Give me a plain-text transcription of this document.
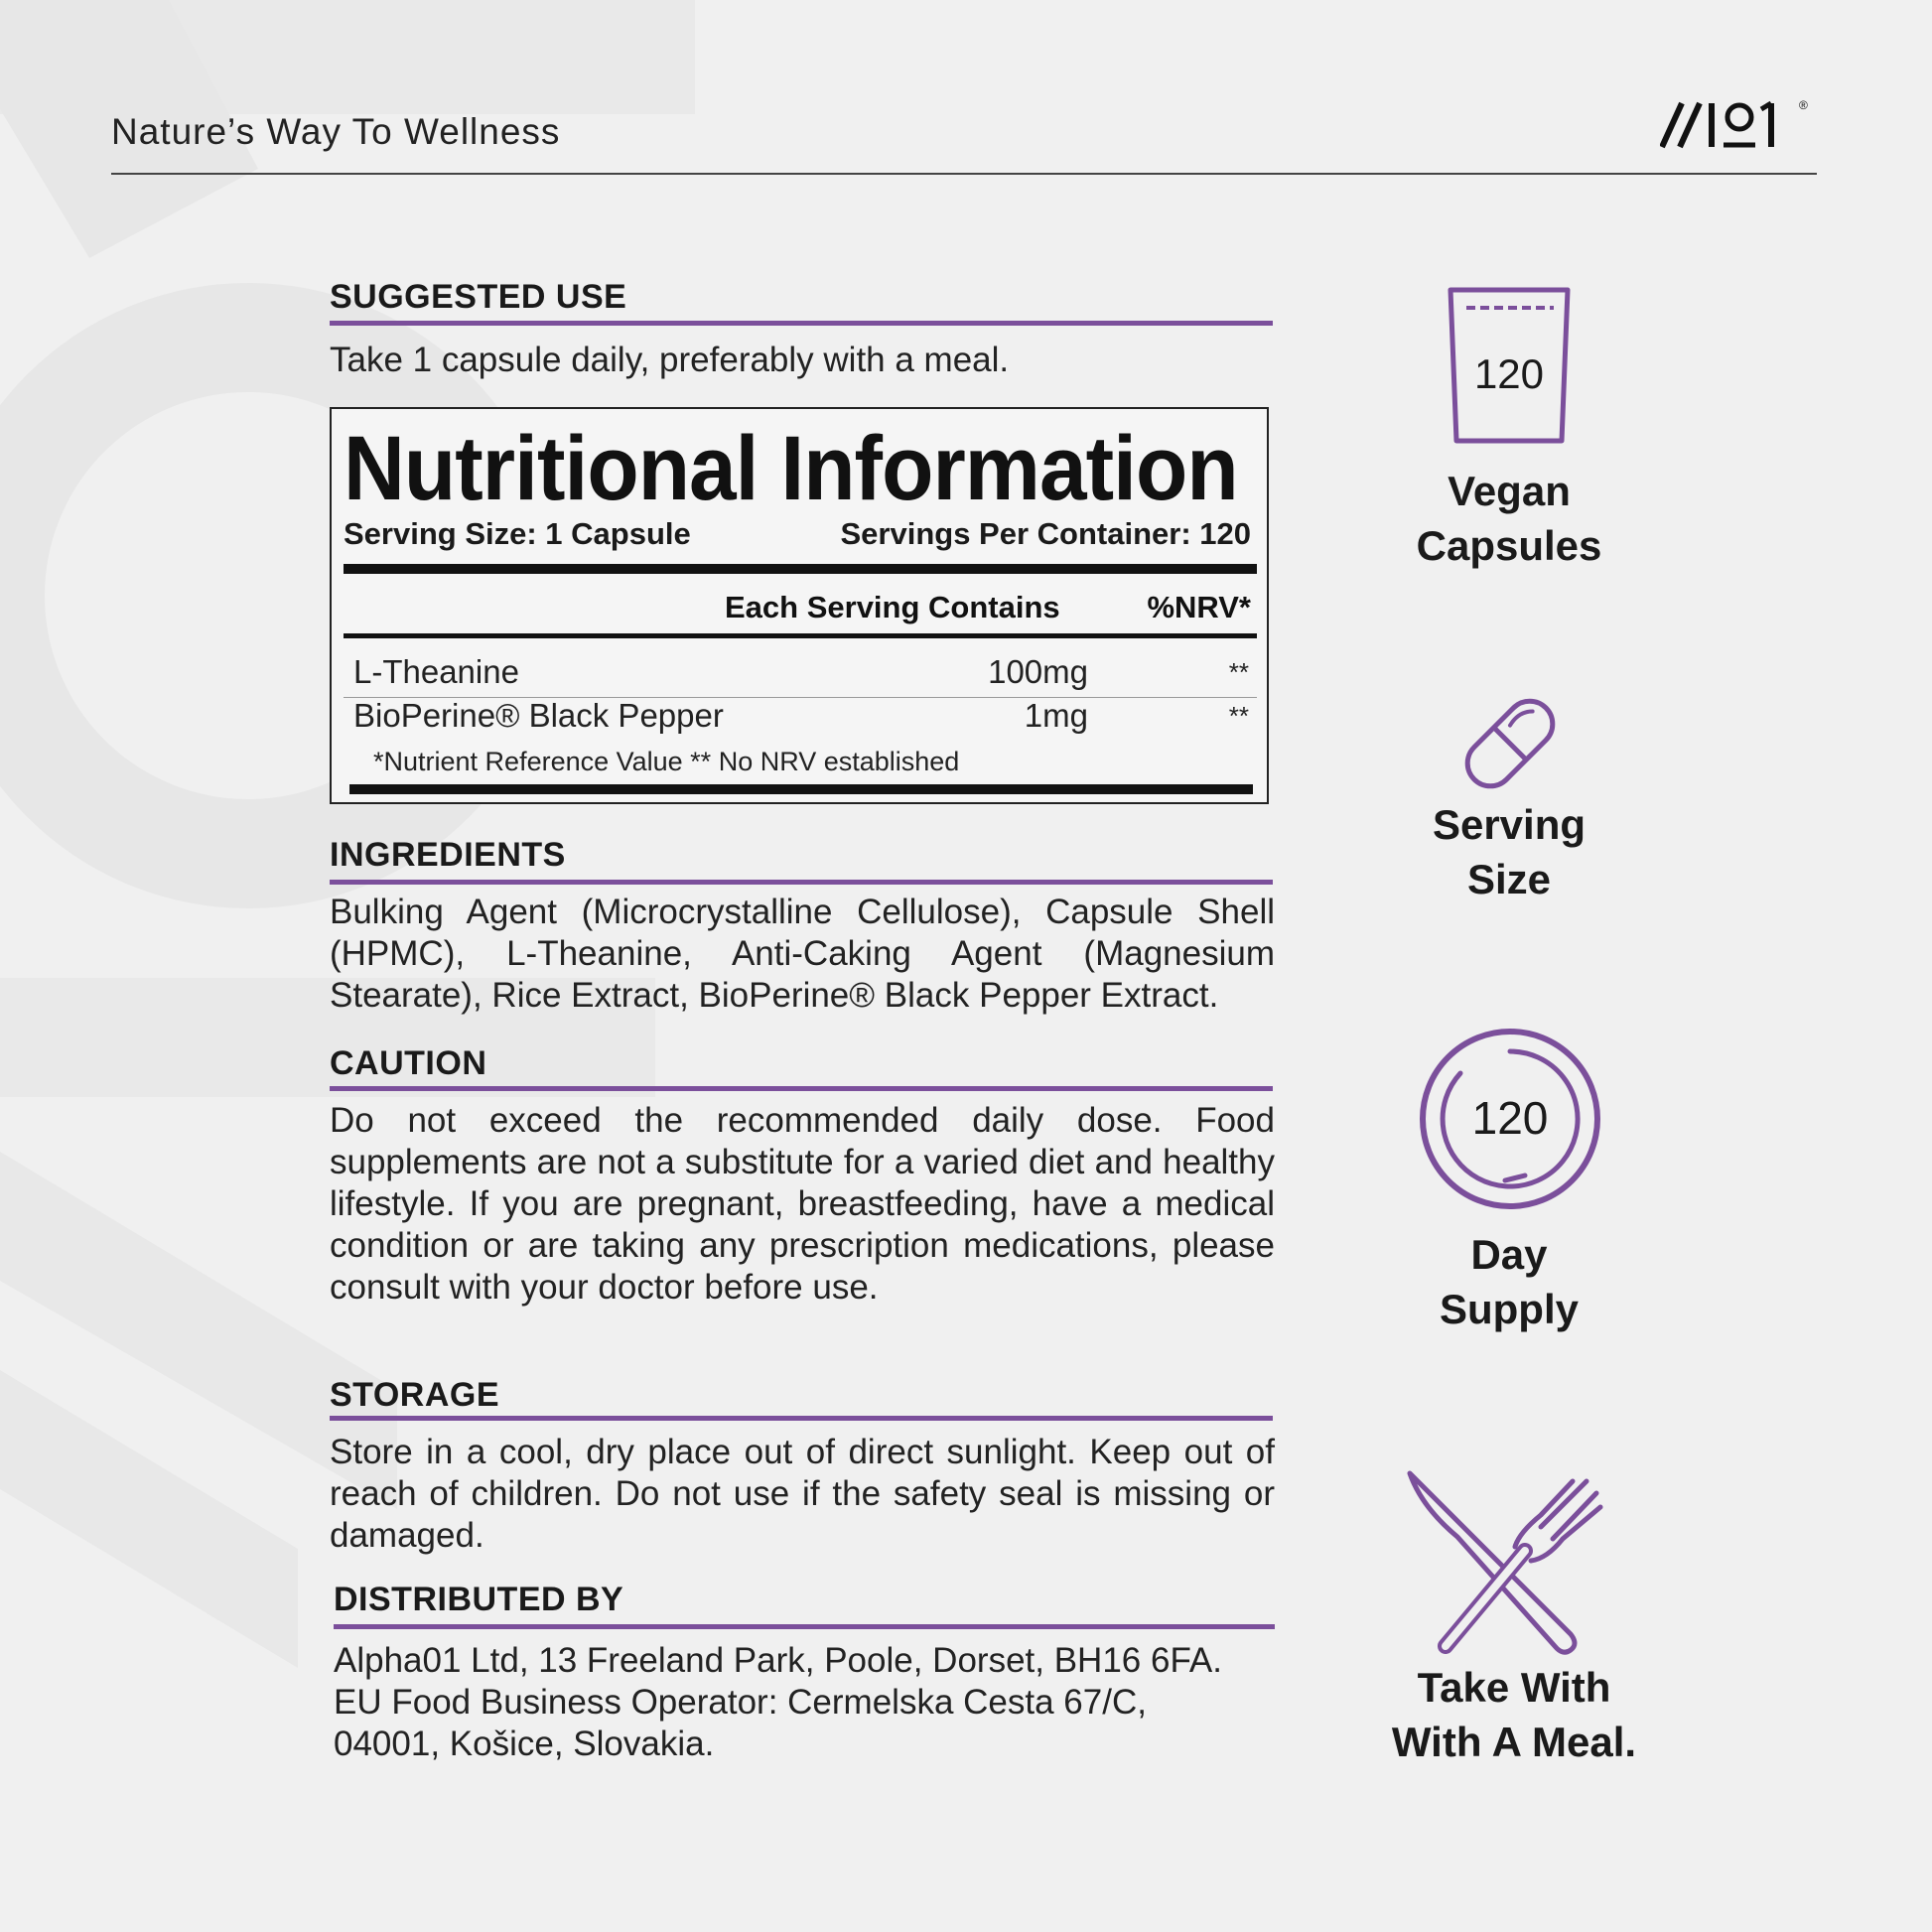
Nature’s Way To Wellness
®
SUGGESTED USE
Take 1 capsule daily, preferably with a meal.
Nutritional Information
Serving Size: 1 Capsule	Servings Per Container: 120
Each Serving Contains	%NRV*
L-Theanine	100mg	**
BioPerine® Black Pepper	1mg	**
*Nutrient Reference Value ** No NRV established
INGREDIENTS
Bulking Agent (Microcrystalline Cellulose), Capsule Shell (HPMC), L-Theanine, Anti-Caking Agent (Magnesium Stearate), Rice Extract, BioPerine® Black Pepper Extract.
CAUTION
Do not exceed the recommended daily dose. Food supplements are not a substitute for a varied diet and healthy lifestyle. If you are pregnant, breastfeeding, have a medical condition or are taking any prescription medications, please consult with your doctor before use.
STORAGE
Store in a cool, dry place out of direct sunlight. Keep out of reach of children. Do not use if the safety seal is missing or damaged.
DISTRIBUTED BY
Alpha01 Ltd, 13 Freeland Park, Poole, Dorset, BH16 6FA.
EU Food Business Operator: Cermelska Cesta 67/C,
04001, Košice, Slovakia.
120
Vegan
Capsules
Serving
Size
120
Day
Supply
Take With
With A Meal.
